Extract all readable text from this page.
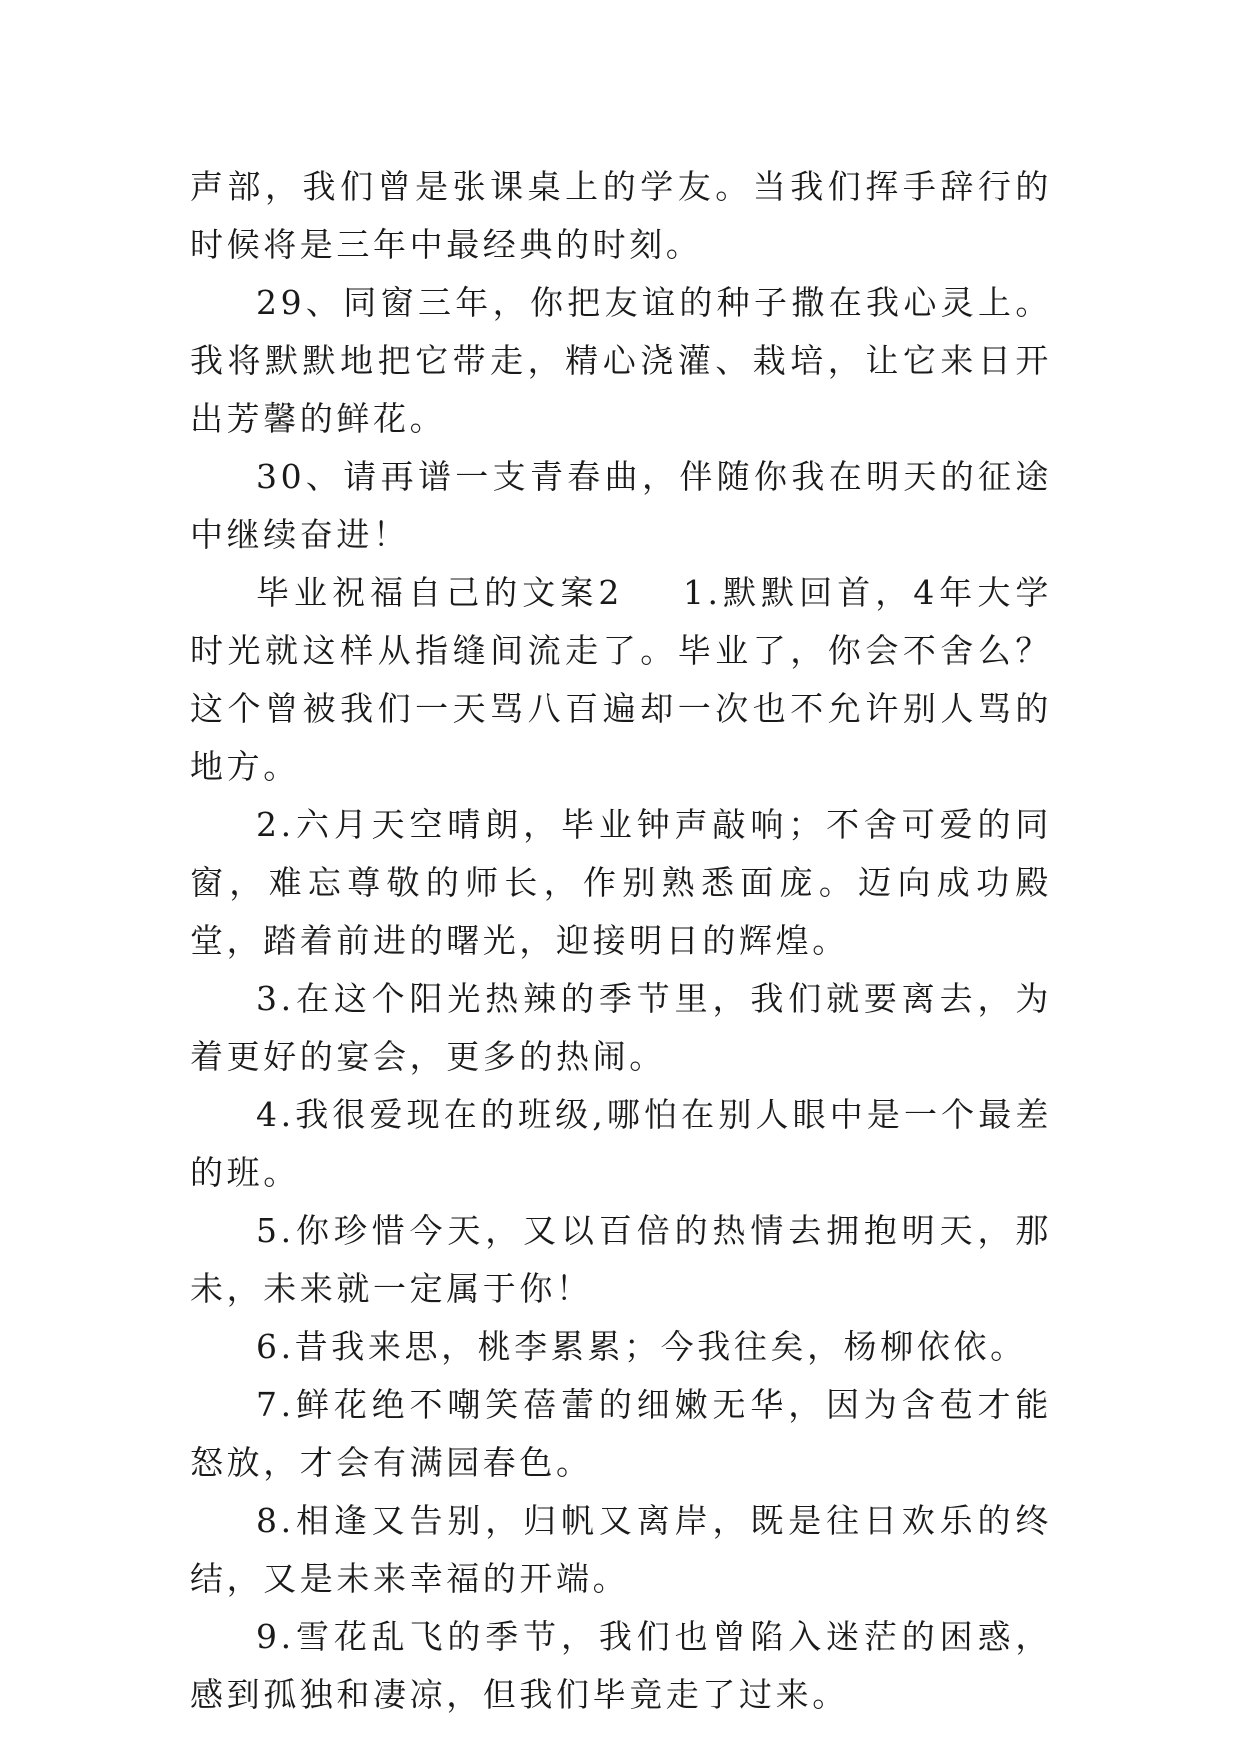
声部，我们曾是张课桌上的学友。当我们挥手辞行的时候将是三年中最经典的时刻。

29、同窗三年，你把友谊的种子撒在我心灵上。我将默默地把它带走，精心浇灌、栽培，让它来日开出芳馨的鲜花。

30、请再谱一支青春曲，伴随你我在明天的征途中继续奋进！

毕业祝福自己的文案2 1.默默回首，4年大学时光就这样从指缝间流走了。毕业了，你会不舍么？这个曾被我们一天骂八百遍却一次也不允许别人骂的地方。

2.六月天空晴朗，毕业钟声敲响；不舍可爱的同窗，难忘尊敬的师长，作别熟悉面庞。迈向成功殿堂，踏着前进的曙光，迎接明日的辉煌。

3.在这个阳光热辣的季节里，我们就要离去，为着更好的宴会，更多的热闹。

4.我很爱现在的班级,哪怕在别人眼中是一个最差的班。

5.你珍惜今天，又以百倍的热情去拥抱明天，那未，未来就一定属于你！

6.昔我来思，桃李累累；今我往矣，杨柳依依。

7.鲜花绝不嘲笑蓓蕾的细嫩无华，因为含苞才能怒放，才会有满园春色。

8.相逢又告别，归帆又离岸，既是往日欢乐的终结，又是未来幸福的开端。

9.雪花乱飞的季节，我们也曾陷入迷茫的困惑，感到孤独和凄凉，但我们毕竟走了过来。
